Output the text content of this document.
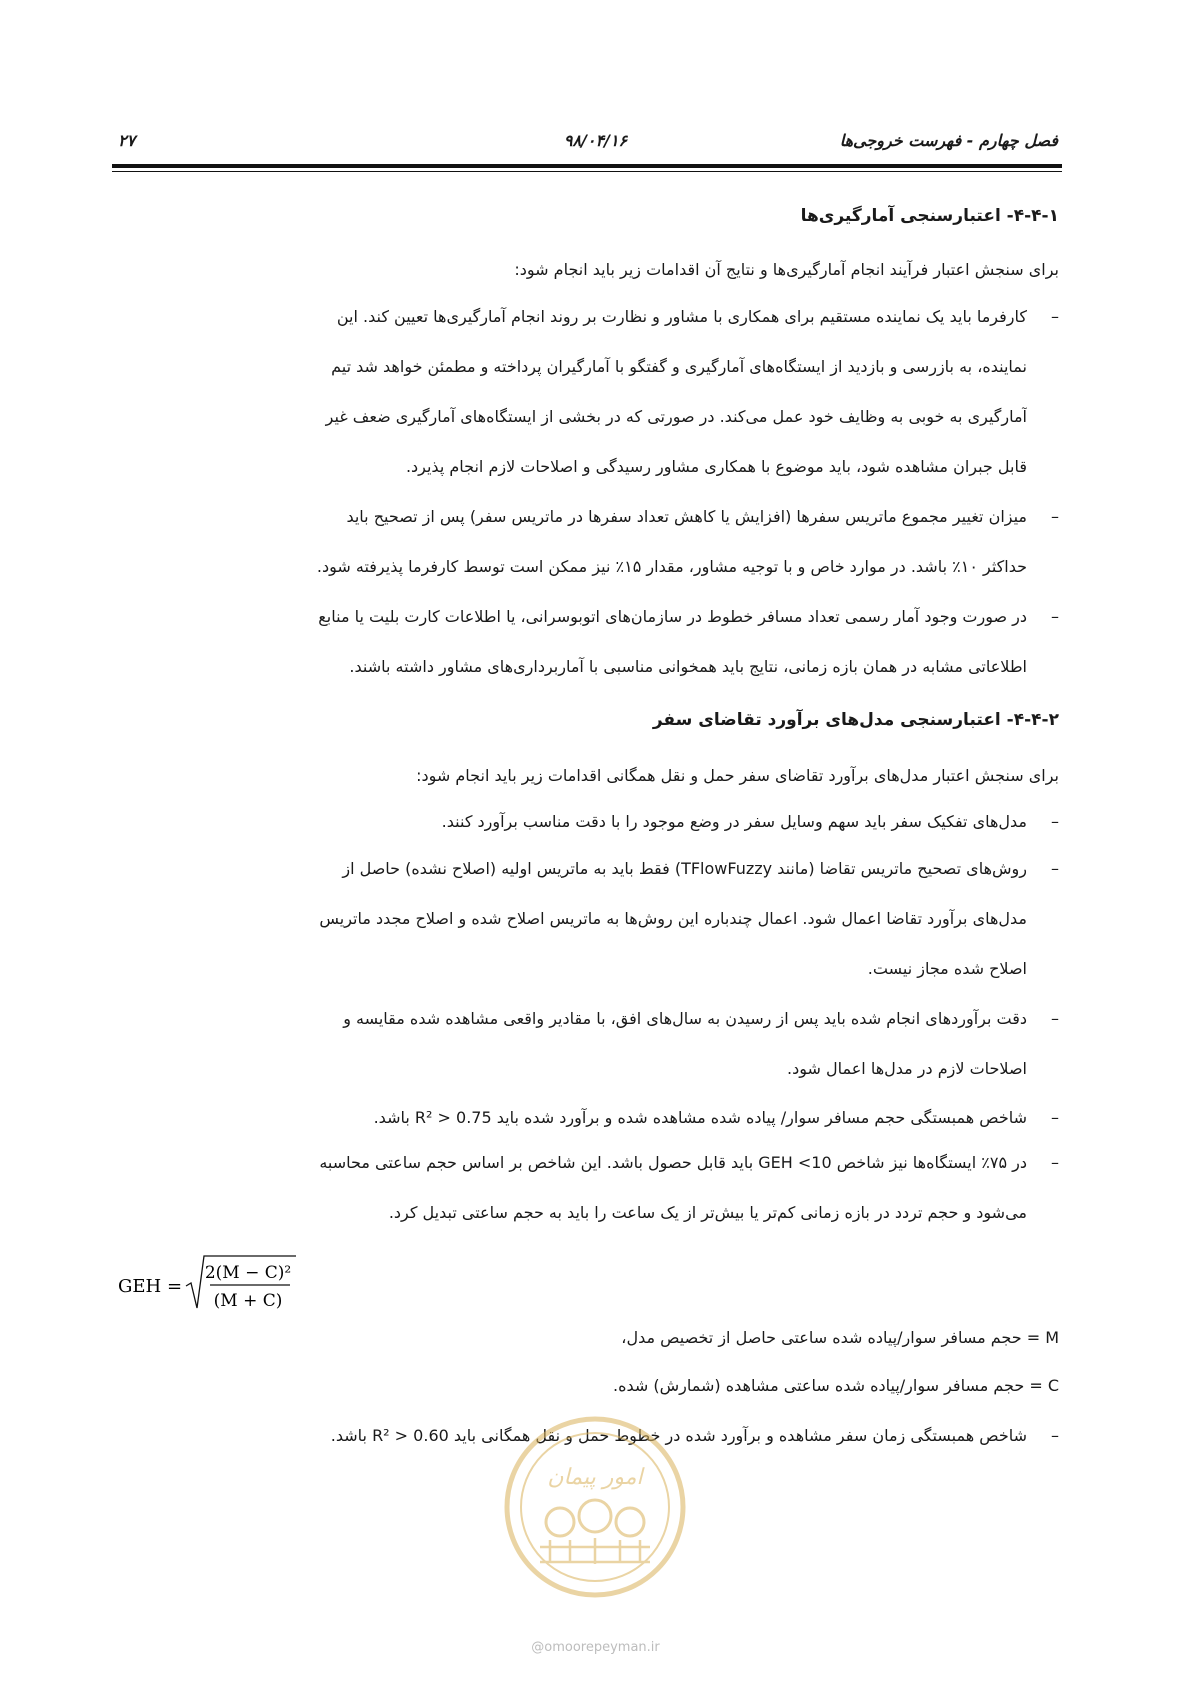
فصل چهارم - فهرست خروجی‌ها
۹۸/۰۴/۱۶
۲۷
۴-۴-۱- اعتبارسنجی آمارگیری‌ها
برای سنجش اعتبار فرآیند انجام آمارگیری‌ها و نتایج آن اقدامات زیر باید انجام شود:
–
کارفرما باید یک نماینده مستقیم برای همکاری با مشاور و نظارت بر روند انجام آمارگیری‌ها تعیین کند. این
نماینده، به بازرسی و بازدید از ایستگاه‌های آمارگیری و گفتگو با آمارگیران پرداخته و مطمئن خواهد شد تیم
آمارگیری به خوبی به وظایف خود عمل می‌کند. در صورتی که در بخشی از ایستگاه‌های آمارگیری ضعف غیر
قابل جبران مشاهده شود، باید موضوع با همکاری مشاور رسیدگی و اصلاحات لازم انجام پذیرد.
–
میزان تغییر مجموع ماتریس سفرها (افزایش یا کاهش تعداد سفرها در ماتریس سفر) پس از تصحیح باید
حداکثر ۱۰٪ باشد. در موارد خاص و با توجیه مشاور، مقدار ۱۵٪ نیز ممکن است توسط کارفرما پذیرفته شود.
–
در صورت وجود آمار رسمی تعداد مسافر خطوط در سازمان‌های اتوبوسرانی، یا اطلاعات کارت بلیت یا منابع
اطلاعاتی مشابه در همان بازه زمانی، نتایج باید همخوانی مناسبی با آماربرداری‌های مشاور داشته باشند.
۴-۴-۲- اعتبارسنجی مدل‌های برآورد تقاضای سفر
برای سنجش اعتبار مدل‌های برآورد تقاضای سفر حمل و نقل همگانی اقدامات زیر باید انجام شود:
–
مدل‌های تفکیک سفر باید سهم وسایل سفر در وضع موجود را با دقت مناسب برآورد کنند.
–
روش‌های تصحیح ماتریس تقاضا (مانند TFlowFuzzy) فقط باید به ماتریس اولیه (اصلاح نشده) حاصل از
مدل‌های برآورد تقاضا اعمال شود. اعمال چندباره این روش‌ها به ماتریس اصلاح شده و اصلاح مجدد ماتریس
اصلاح شده مجاز نیست.
–
دقت برآوردهای انجام شده باید پس از رسیدن به سال‌های افق، با مقادیر واقعی مشاهده شده مقایسه و
اصلاحات لازم در مدل‌ها اعمال شود.
–
شاخص همبستگی حجم مسافر سوار/ پیاده شده مشاهده شده و برآورد شده باید R² > 0.75 باشد.
–
در ۷۵٪ ایستگاه‌ها نیز شاخص GEH <10 باید قابل حصول باشد. این شاخص بر اساس حجم ساعتی محاسبه
می‌شود و حجم تردد در بازه زمانی کم‌تر یا بیش‌تر از یک ساعت را باید به حجم ساعتی تبدیل کرد.
GEH =
2(M − C)²
(M + C)
M = حجم مسافر سوار/پیاده شده ساعتی حاصل از تخصیص مدل،
C = حجم مسافر سوار/پیاده شده ساعتی مشاهده (شمارش) شده.
–
شاخص همبستگی زمان سفر مشاهده و برآورد شده در خطوط حمل و نقل همگانی باید R² > 0.60 باشد.
امور پیمان
@omoorepeyman.ir
